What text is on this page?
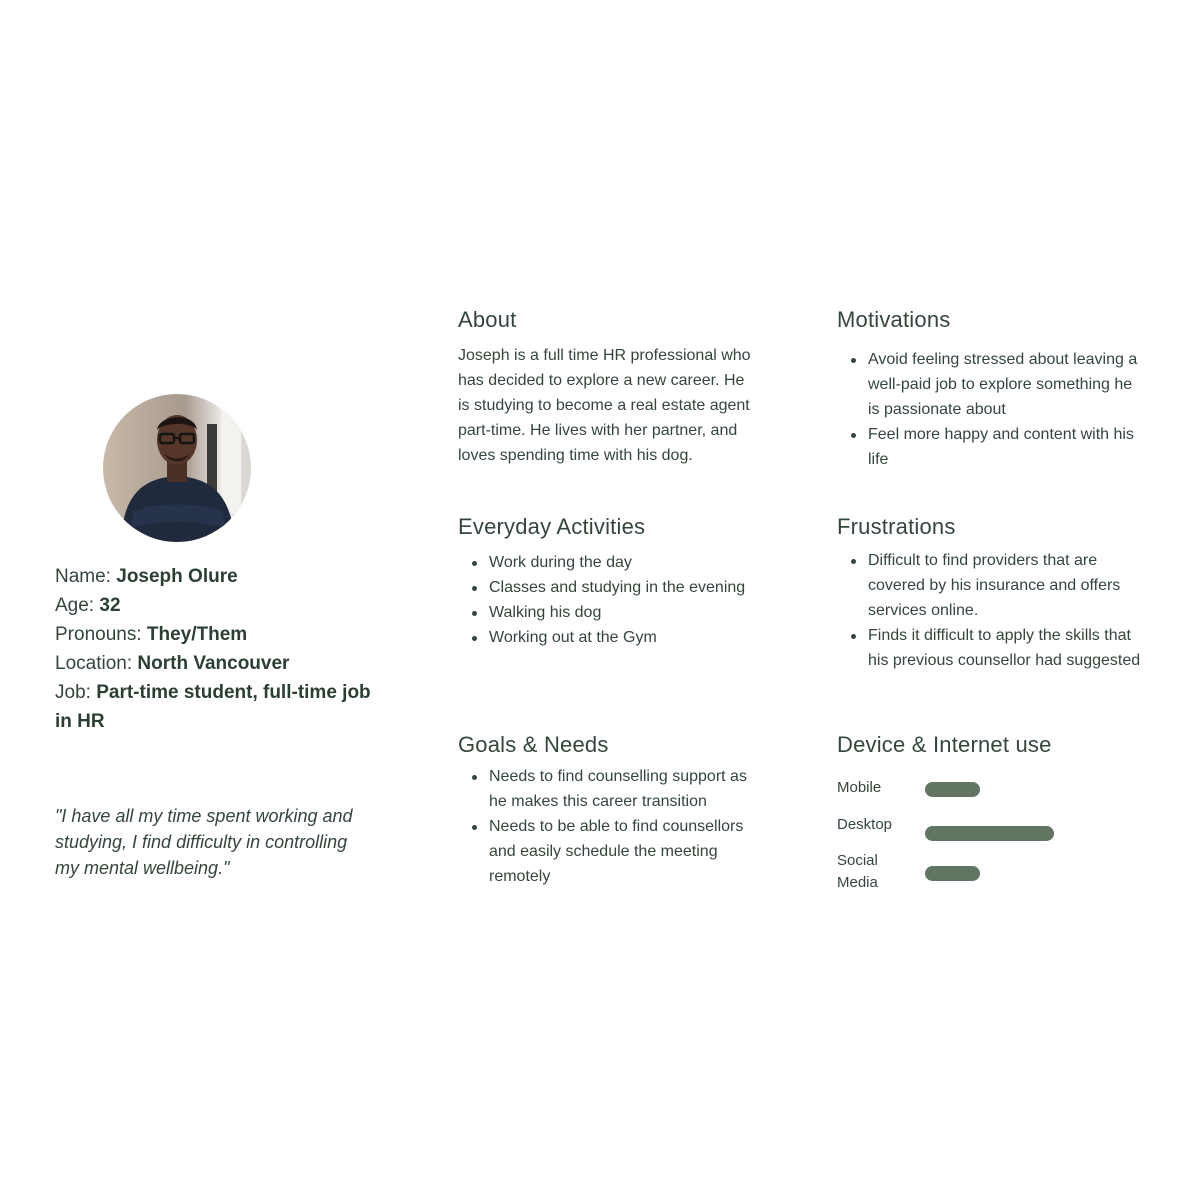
Name: Joseph Olure
Age: 32
Pronouns: They/Them
Location: North Vancouver
Job: Part-time student, full-time job in HR

"I have all my time spent working and studying, I find difficulty in controlling my mental wellbeing."

About

Joseph is a full time HR professional who has decided to explore a new career. He is studying to become a real estate agent part-time. He lives with her partner, and loves spending time with his dog.

Everyday Activities
Work during the day
Classes and studying in the evening
Walking his dog
Working out at the Gym
Goals & Needs
Needs to find counselling support as he makes this career transition
Needs to be able to find counsellors and easily schedule the meeting remotely
Motivations
Avoid feeling stressed about leaving a well-paid job to explore something he is passionate about
Feel more happy and content with his life
Frustrations
Difficult to find providers that are covered by his insurance and offers services online.
Finds it difficult to apply the skills that his previous counsellor had suggested
Device & Internet use
Mobile
Desktop
Social Media
